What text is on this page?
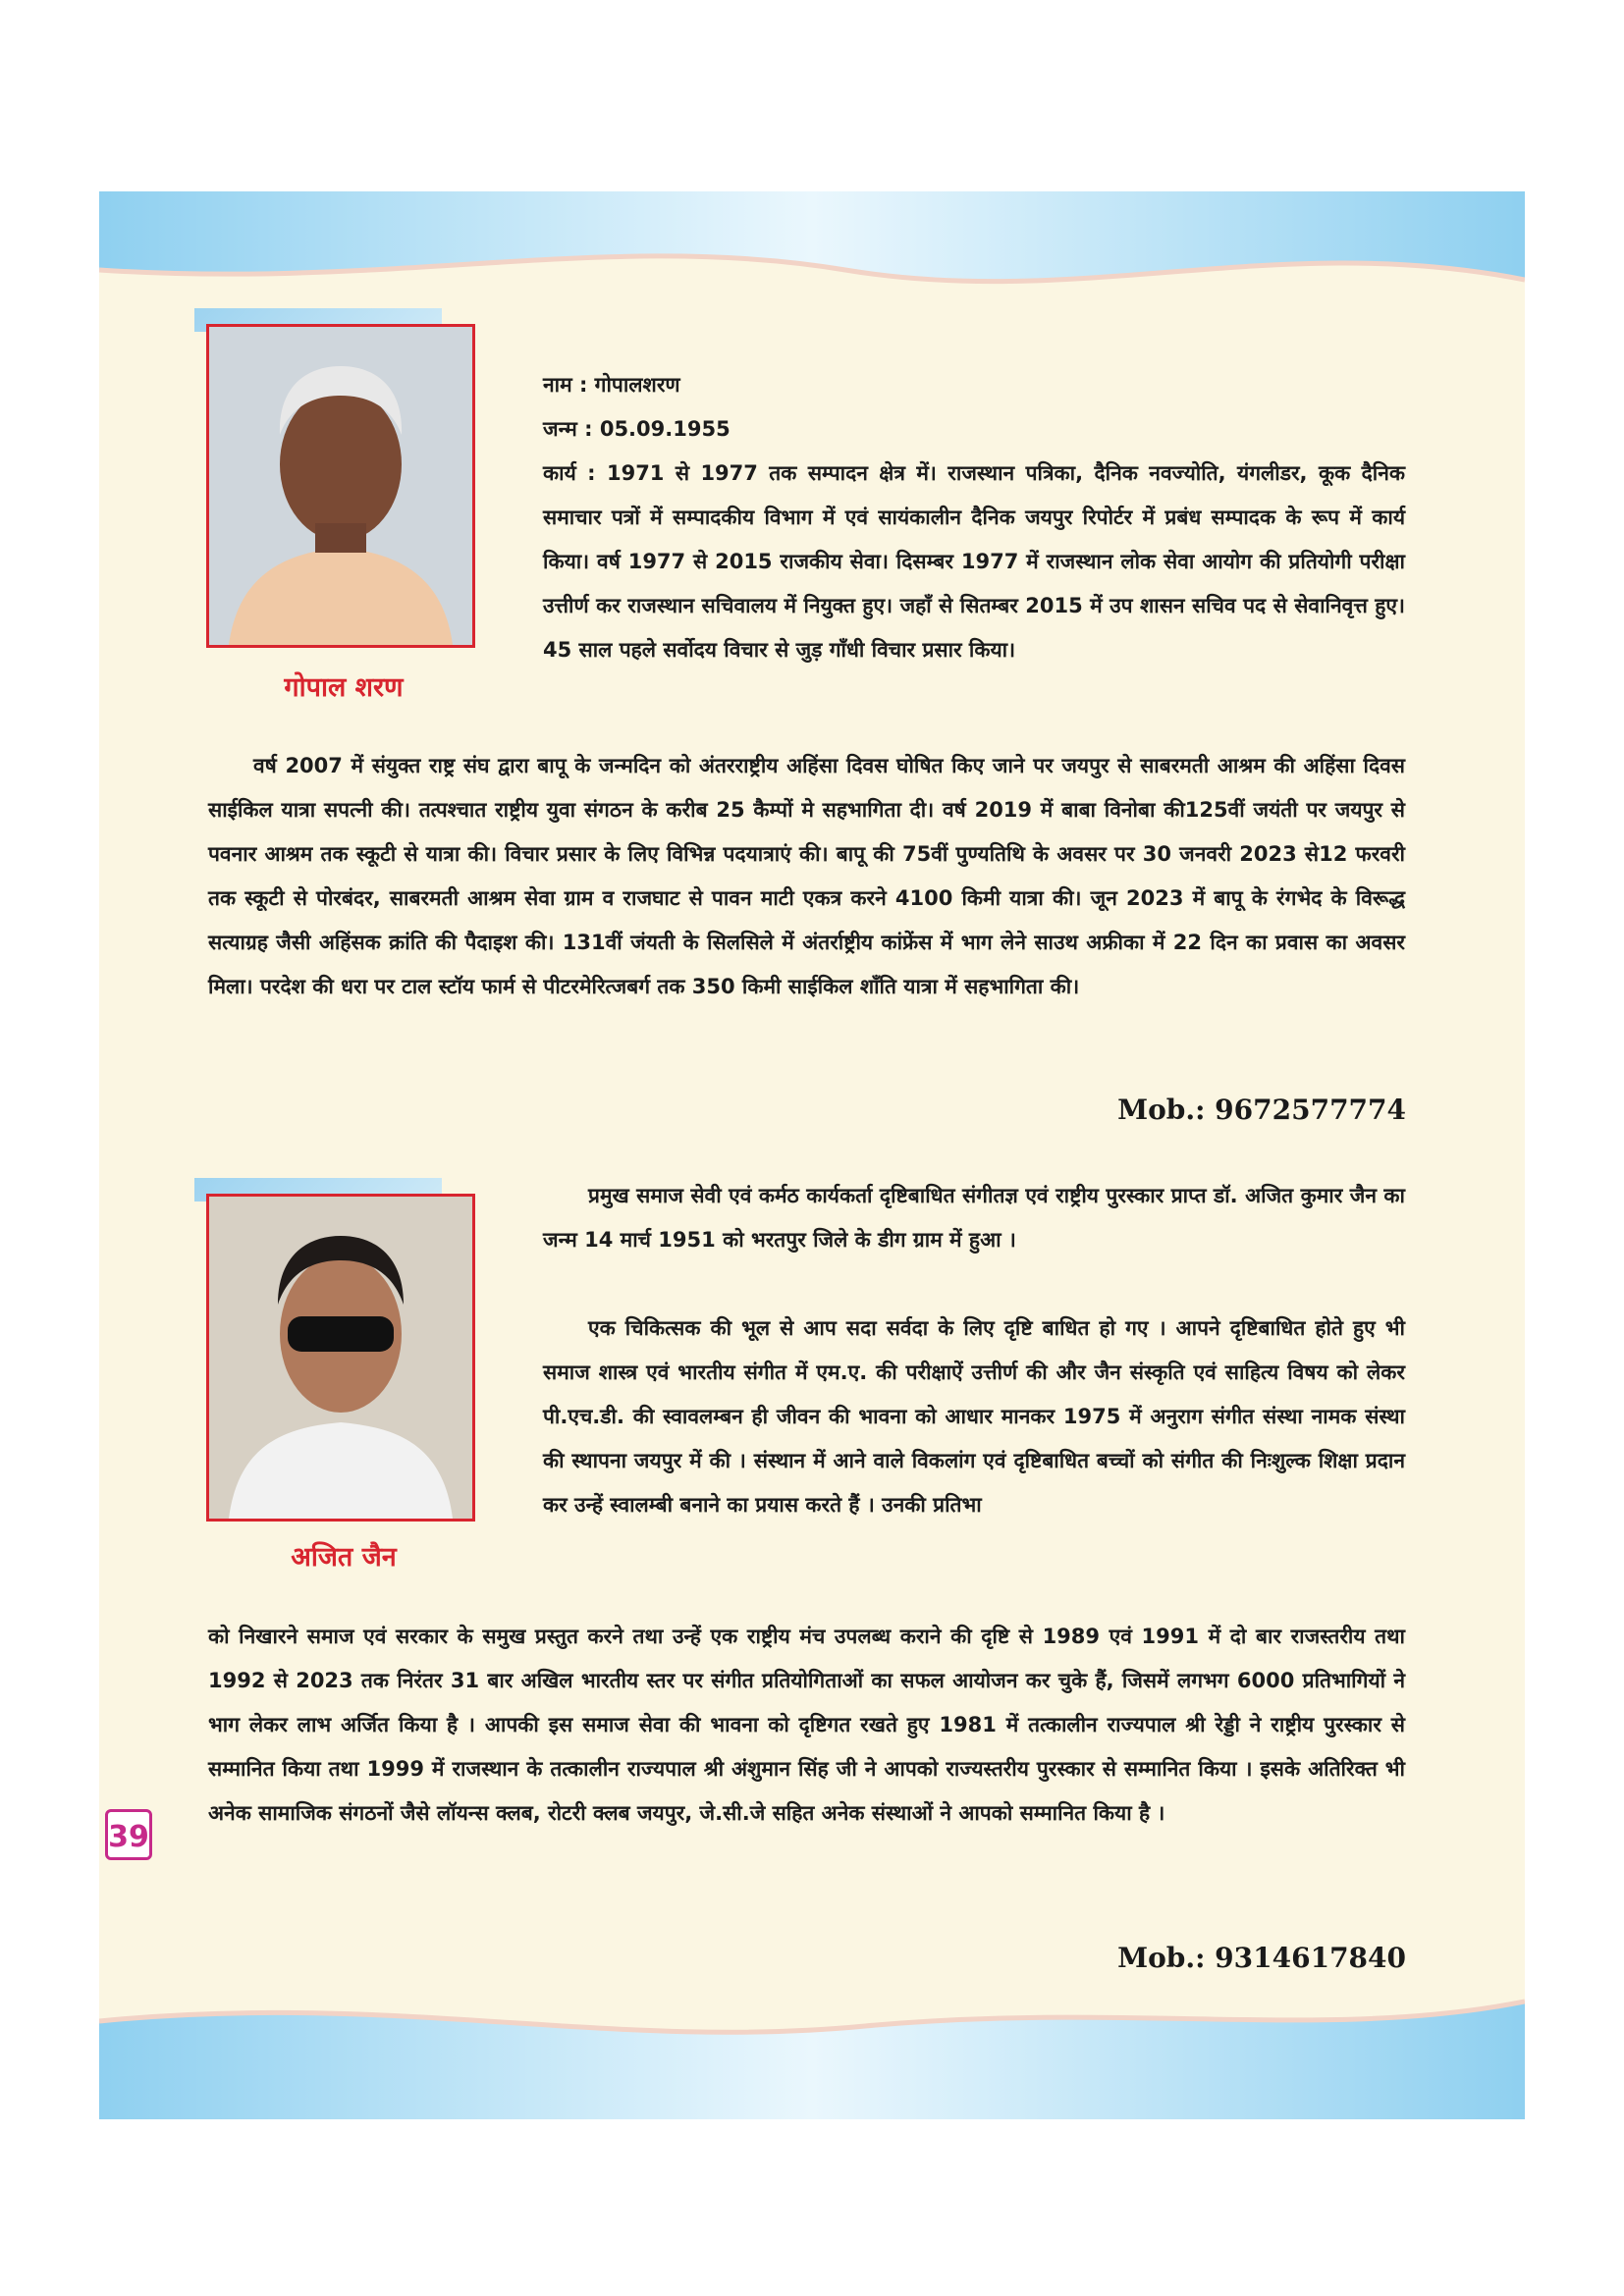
गोपाल शरण

नाम : गोपालशरण

जन्म : 05.09.1955

कार्य : 1971 से 1977 तक सम्पादन क्षेत्र में। राजस्थान पत्रिका, दैनिक नवज्योति, यंगलीडर, कूक दैनिक समाचार पत्रों में सम्पादकीय विभाग में एवं सायंकालीन दैनिक जयपुर रिपोर्टर में प्रबंध सम्पादक के रूप में कार्य किया। वर्ष 1977 से 2015 राजकीय सेवा। दिसम्बर 1977 में राजस्थान लोक सेवा आयोग की प्रतियोगी परीक्षा उत्तीर्ण कर राजस्थान सचिवालय में नियुक्त हुए। जहाँ से सितम्बर 2015 में उप शासन सचिव पद से सेवानिवृत्त हुए। 45 साल पहले सर्वोदय विचार से जुड़ गाँधी विचार प्रसार किया।

वर्ष 2007 में संयुक्त राष्ट्र संघ द्वारा बापू के जन्मदिन को अंतरराष्ट्रीय अहिंसा दिवस घोषित किए जाने पर जयपुर से साबरमती आश्रम की अहिंसा दिवस साईकिल यात्रा सपत्नी की। तत्पश्चात राष्ट्रीय युवा संगठन के करीब 25 कैम्पों मे सहभागिता दी। वर्ष 2019 में बाबा विनोबा की125वीं जयंती पर जयपुर से पवनार आश्रम तक स्कूटी से यात्रा की। विचार प्रसार के लिए विभिन्न पदयात्राएं की। बापू की 75वीं पुण्यतिथि के अवसर पर 30 जनवरी 2023 से12 फरवरी तक स्कूटी से पोरबंदर, साबरमती आश्रम सेवा ग्राम व राजघाट से पावन माटी एकत्र करने 4100 किमी यात्रा की। जून 2023 में बापू के रंगभेद के विरूद्ध सत्याग्रह जैसी अहिंसक क्रांति की पैदाइश की। 131वीं जंयती के सिलसिले में अंतर्राष्ट्रीय कांफ्रेंस में भाग लेने साउथ अफ्रीका में 22 दिन का प्रवास का अवसर मिला। परदेश की धरा पर टाल स्टॉय फार्म से पीटरमेरित्जबर्ग तक 350 किमी साईकिल शाँति यात्रा में सहभागिता की।
Mob.: 9672577774
अजित जैन
प्रमुख समाज सेवी एवं कर्मठ कार्यकर्ता दृष्टिबाधित संगीतज्ञ एवं राष्ट्रीय पुरस्कार प्राप्त डॉ. अजित कुमार जैन का जन्म 14 मार्च 1951 को भरतपुर जिले के डीग ग्राम में हुआ ।
एक चिकित्सक की भूल से आप सदा सर्वदा के लिए दृष्टि बाधित हो गए । आपने दृष्टिबाधित होते हुए भी समाज शास्त्र एवं भारतीय संगीत में एम.ए. की परीक्षाऐं उत्तीर्ण की और जैन संस्कृति एवं साहित्य विषय को लेकर पी.एच.डी. की स्वावलम्बन ही जीवन की भावना को आधार मानकर 1975 में अनुराग संगीत संस्था नामक संस्था की स्थापना जयपुर में की । संस्थान में आने वाले विकलांग एवं दृष्टिबाधित बच्चों को संगीत की निःशुल्क शिक्षा प्रदान कर उन्हें स्वालम्बी बनाने का प्रयास करते हैं । उनकी प्रतिभा
को निखारने समाज एवं सरकार के समुख प्रस्तुत करने तथा उन्हें एक राष्ट्रीय मंच उपलब्ध कराने की दृष्टि से 1989 एवं 1991 में दो बार राजस्तरीय तथा 1992 से 2023 तक निरंतर 31 बार अखिल भारतीय स्तर पर संगीत प्रतियोगिताओं का सफल आयोजन कर चुके हैं, जिसमें लगभग 6000 प्रतिभागियों ने भाग लेकर लाभ अर्जित किया है । आपकी इस समाज सेवा की भावना को दृष्टिगत रखते हुए 1981 में तत्कालीन राज्यपाल श्री रेड्डी ने राष्ट्रीय पुरस्कार से सम्मानित किया तथा 1999 में राजस्थान के तत्कालीन राज्यपाल श्री अंशुमान सिंह जी ने आपको राज्यस्तरीय पुरस्कार से सम्मानित किया । इसके अतिरिक्त भी अनेक सामाजिक संगठनों जैसे लॉयन्स क्लब, रोटरी क्लब जयपुर, जे.सी.जे सहित अनेक संस्थाओं ने आपको सम्मानित किया है ।
Mob.: 9314617840
39
